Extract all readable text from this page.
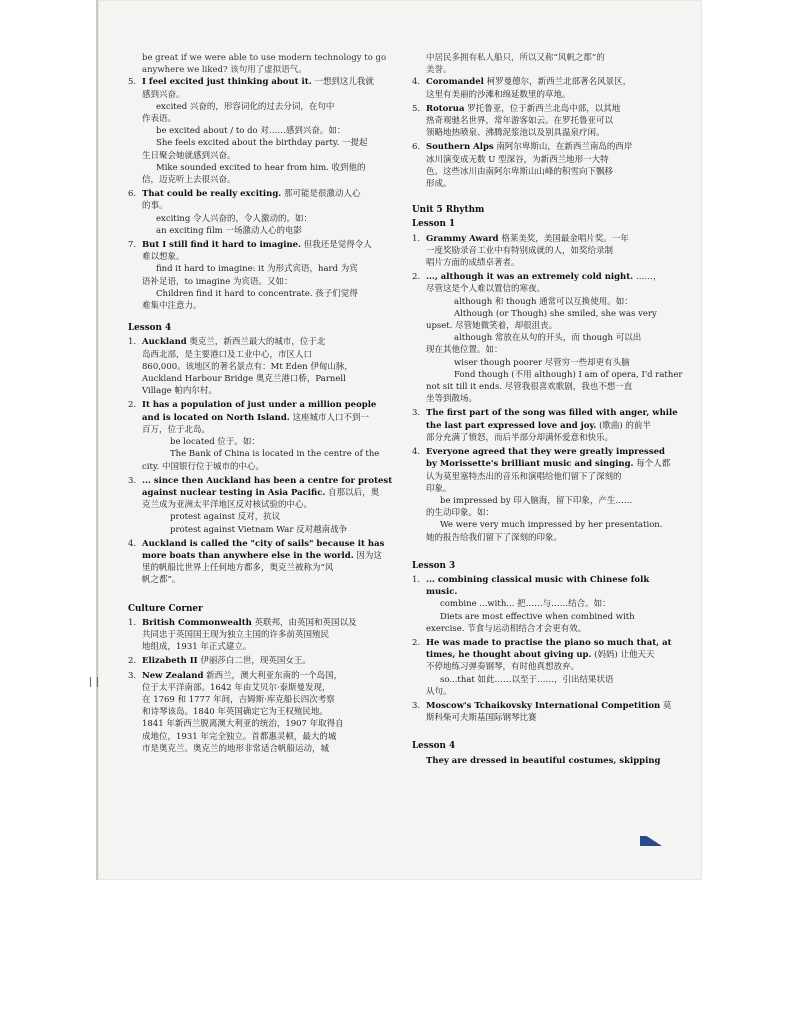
be great if we were able to use modern technology to go
anywhere we liked? 该句用了虚拟语气。
5. I feel excited just thinking about it. 一想到这儿我就
感到兴奋。
excited 兴奋的，形容词化的过去分词，在句中
作表语。
be excited about / to do 对……感到兴奋。如：
She feels excited about the birthday party. 一提起
生日聚会她就感到兴奋。
Mike sounded excited to hear from him. 收到他的
信，迈克听上去很兴奋。
6. That could be really exciting. 那可能是很激动人心
的事。
exciting 令人兴奋的，令人激动的。如：
an exciting film 一场激动人心的电影
7. But I still find it hard to imagine. 但我还是觉得令人
难以想象。
find it hard to imagine: it 为形式宾语，hard 为宾
语补足语，to imagine 为宾语。又如：
Children find it hard to concentrate. 孩子们觉得
难集中注意力。
Lesson 4
1. Auckland 奥克兰，新西兰最大的城市，位于北
岛西北部，是主要港口及工业中心，市区人口
860,000。该地区的著名景点有：Mt Eden 伊甸山脉，
Auckland Harbour Bridge 奥克兰港口桥，Parnell
Village 帕内尔村。
2. It has a population of just under a million people
and is located on North Island. 这座城市人口不到一
百万，位于北岛。
be located 位于。如：
The Bank of China is located in the centre of the
city. 中国银行位于城市的中心。
3. ... since then Auckland has been a centre for protest
against nuclear testing in Asia Pacific. 自那以后，奥
克兰成为亚洲太平洋地区反对核试验的中心。
protest against 反对，抗议
protest against Vietnam War 反对越南战争
4. Auckland is called the "city of sails" because it has
more boats than anywhere else in the world. 因为这
里的帆船比世界上任何地方都多，奥克兰被称为“风
帆之都”。
Culture Corner
1. British Commonwealth 英联邦，由英国和英国以及
共同忠于英国国王现为独立主国的许多前英国殖民
地组成，1931 年正式建立。
2. Elizabeth II 伊丽莎白二世，现英国女王。
3. New Zealand 新西兰，澳大利亚东南的一个岛国，
位于太平洋南部。1642 年由艾贝尔·泰斯曼发现，
在 1769 和 1777 年间，吉姆斯·库克船长四次考察
和诗琴该岛。1840 年英国确定它为王权殖民地。
1841 年新西兰脱离澳大利亚的统治，1907 年取得自
成地位，1931 年完全独立。首都惠灵顿，最大的城
市是奥克兰。奥克兰的地形非常适合帆船运动，城
中居民多拥有私人船只，所以又称“风帆之都”的
美誉。
4. Coromandel 柯罗曼德尔，新西兰北部著名风景区，
这里有美丽的沙滩和绵延数里的草地。
5. Rotorua 罗托鲁亚，位于新西兰北岛中部，以其地
热奇观驰名世界，常年游客如云。在罗托鲁亚可以
领略地热喷泉、沸腾泥浆池以及别具温泉疗闲。
6. Southern Alps 南阿尔卑斯山，在新西兰南岛的西岸
冰川演变成无数 U 型深谷，为新西兰地形一大特
色。这些冰川由南阿尔卑斯山山峰的积雪向下飘移
形成。
Unit 5 Rhythm
Lesson 1
1. Grammy Award 格莱美奖，美国最金唱片奖。一年
一度奖励录音工业中有特别成就的人，如奖给录制
唱片方面的成绩卓著者。
2. ..., although it was an extremely cold night. ……，
尽管这是个人难以置信的寒夜。
although 和 though 通常可以互换使用。如：
Although (or Though) she smiled, she was very
upset. 尽管她微笑着，却很沮丧。
although 常放在从句的开头，而 though 可以出
现在其他位置。如：
wiser though poorer 尽管穷一些却更有头脑
Fond though (不用 although) I am of opera, I'd rather
not sit till it ends. 尽管我很喜欢歌剧，我也不想一直
坐等到散场。
3. The first part of the song was filled with anger, while
the last part expressed love and joy. (歌曲) 的前半
部分充满了愤怒，而后半部分却满怀爱意和快乐。
4. Everyone agreed that they were greatly impressed
by Morissette's brilliant music and singing. 每个人都
认为莫里塞特杰出的音乐和演唱给他们留下了深刻的
印象。
be impressed by 印入脑海，留下印象，产生……
的生动印象。如：
We were very much impressed by her presentation.
她的报告给我们留下了深刻的印象。
Lesson 3
1. ... combining classical music with Chinese folk
music.
combine ...with... 把……与……结合。如：
Diets are most effective when combined with
exercise. 节食与运动相结合才会更有效。
2. He was made to practise the piano so much that, at
times, he thought about giving up. (妈妈) 让他天天
不停地练习弹奏钢琴，有时他真想放弃。
so...that 如此……以至于……，引出结果状语
从句。
3. Moscow's Tchaikovsky International Competition 莫
斯科柴可夫斯基国际钢琴比赛
Lesson 4
They are dressed in beautiful costumes, skipping
